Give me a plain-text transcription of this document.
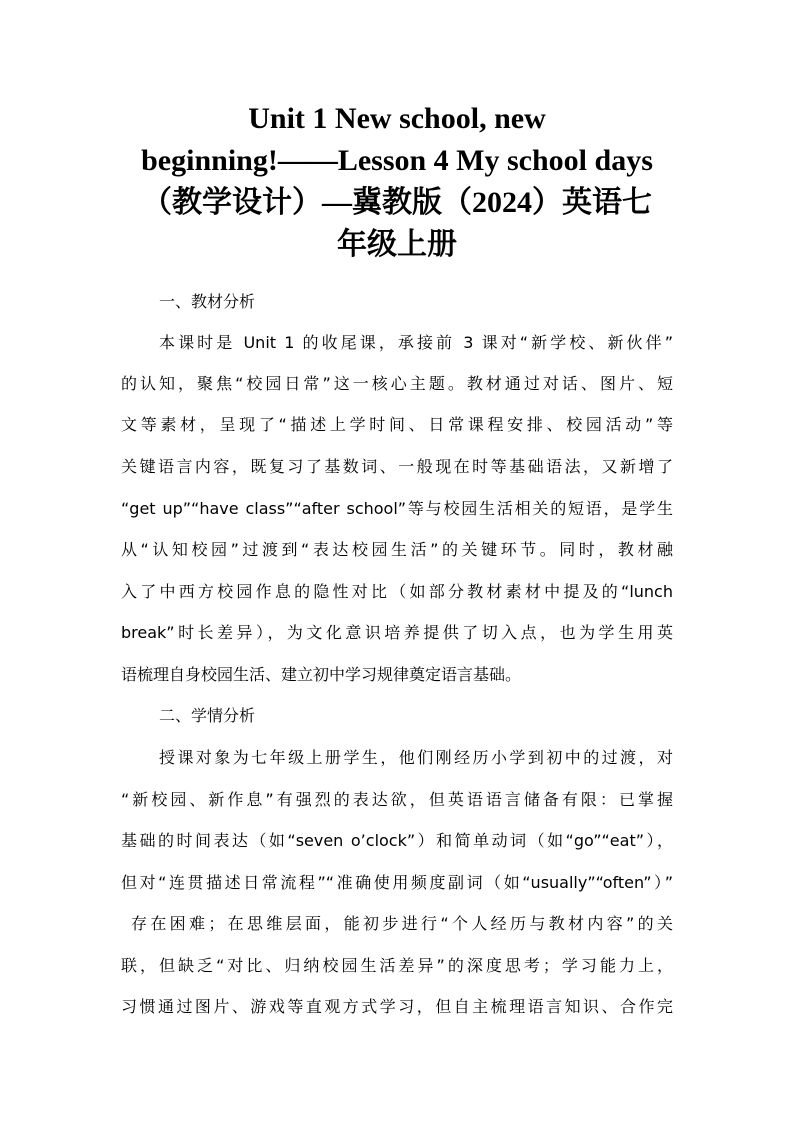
Unit 1 New school, new
beginning!——Lesson 4 My school days
（教学设计）—冀教版（2024）英语七
年级上册

一、教材分析

本课时是 Unit 1 的收尾课，承接前 3 课对“新学校、新伙伴”

的认知，聚焦“校园日常”这一核心主题。教材通过对话、图片、短

文等素材，呈现了“描述上学时间、日常课程安排、校园活动”等

关键语言内容，既复习了基数词、一般现在时等基础语法，又新增了

“get up”“have class”“after school”等与校园生活相关的短语，是学生

从“认知校园”过渡到“表达校园生活”的关键环节。同时，教材融

入了中西方校园作息的隐性对比（如部分教材素材中提及的“lunch

break”时长差异），为文化意识培养提供了切入点，也为学生用英

语梳理自身校园生活、建立初中学习规律奠定语言基础。

二、学情分析

授课对象为七年级上册学生，他们刚经历小学到初中的过渡，对

“新校园、新作息”有强烈的表达欲，但英语语言储备有限：已掌握

基础的时间表达（如“seven o’clock”）和简单动词（如“go”“eat”），

但对“连贯描述日常流程”“准确使用频度副词（如“usually”“often”）”

存在困难；在思维层面，能初步进行“个人经历与教材内容”的关

联，但缺乏“对比、归纳校园生活差异”的深度思考；学习能力上，

习惯通过图片、游戏等直观方式学习，但自主梳理语言知识、合作完
